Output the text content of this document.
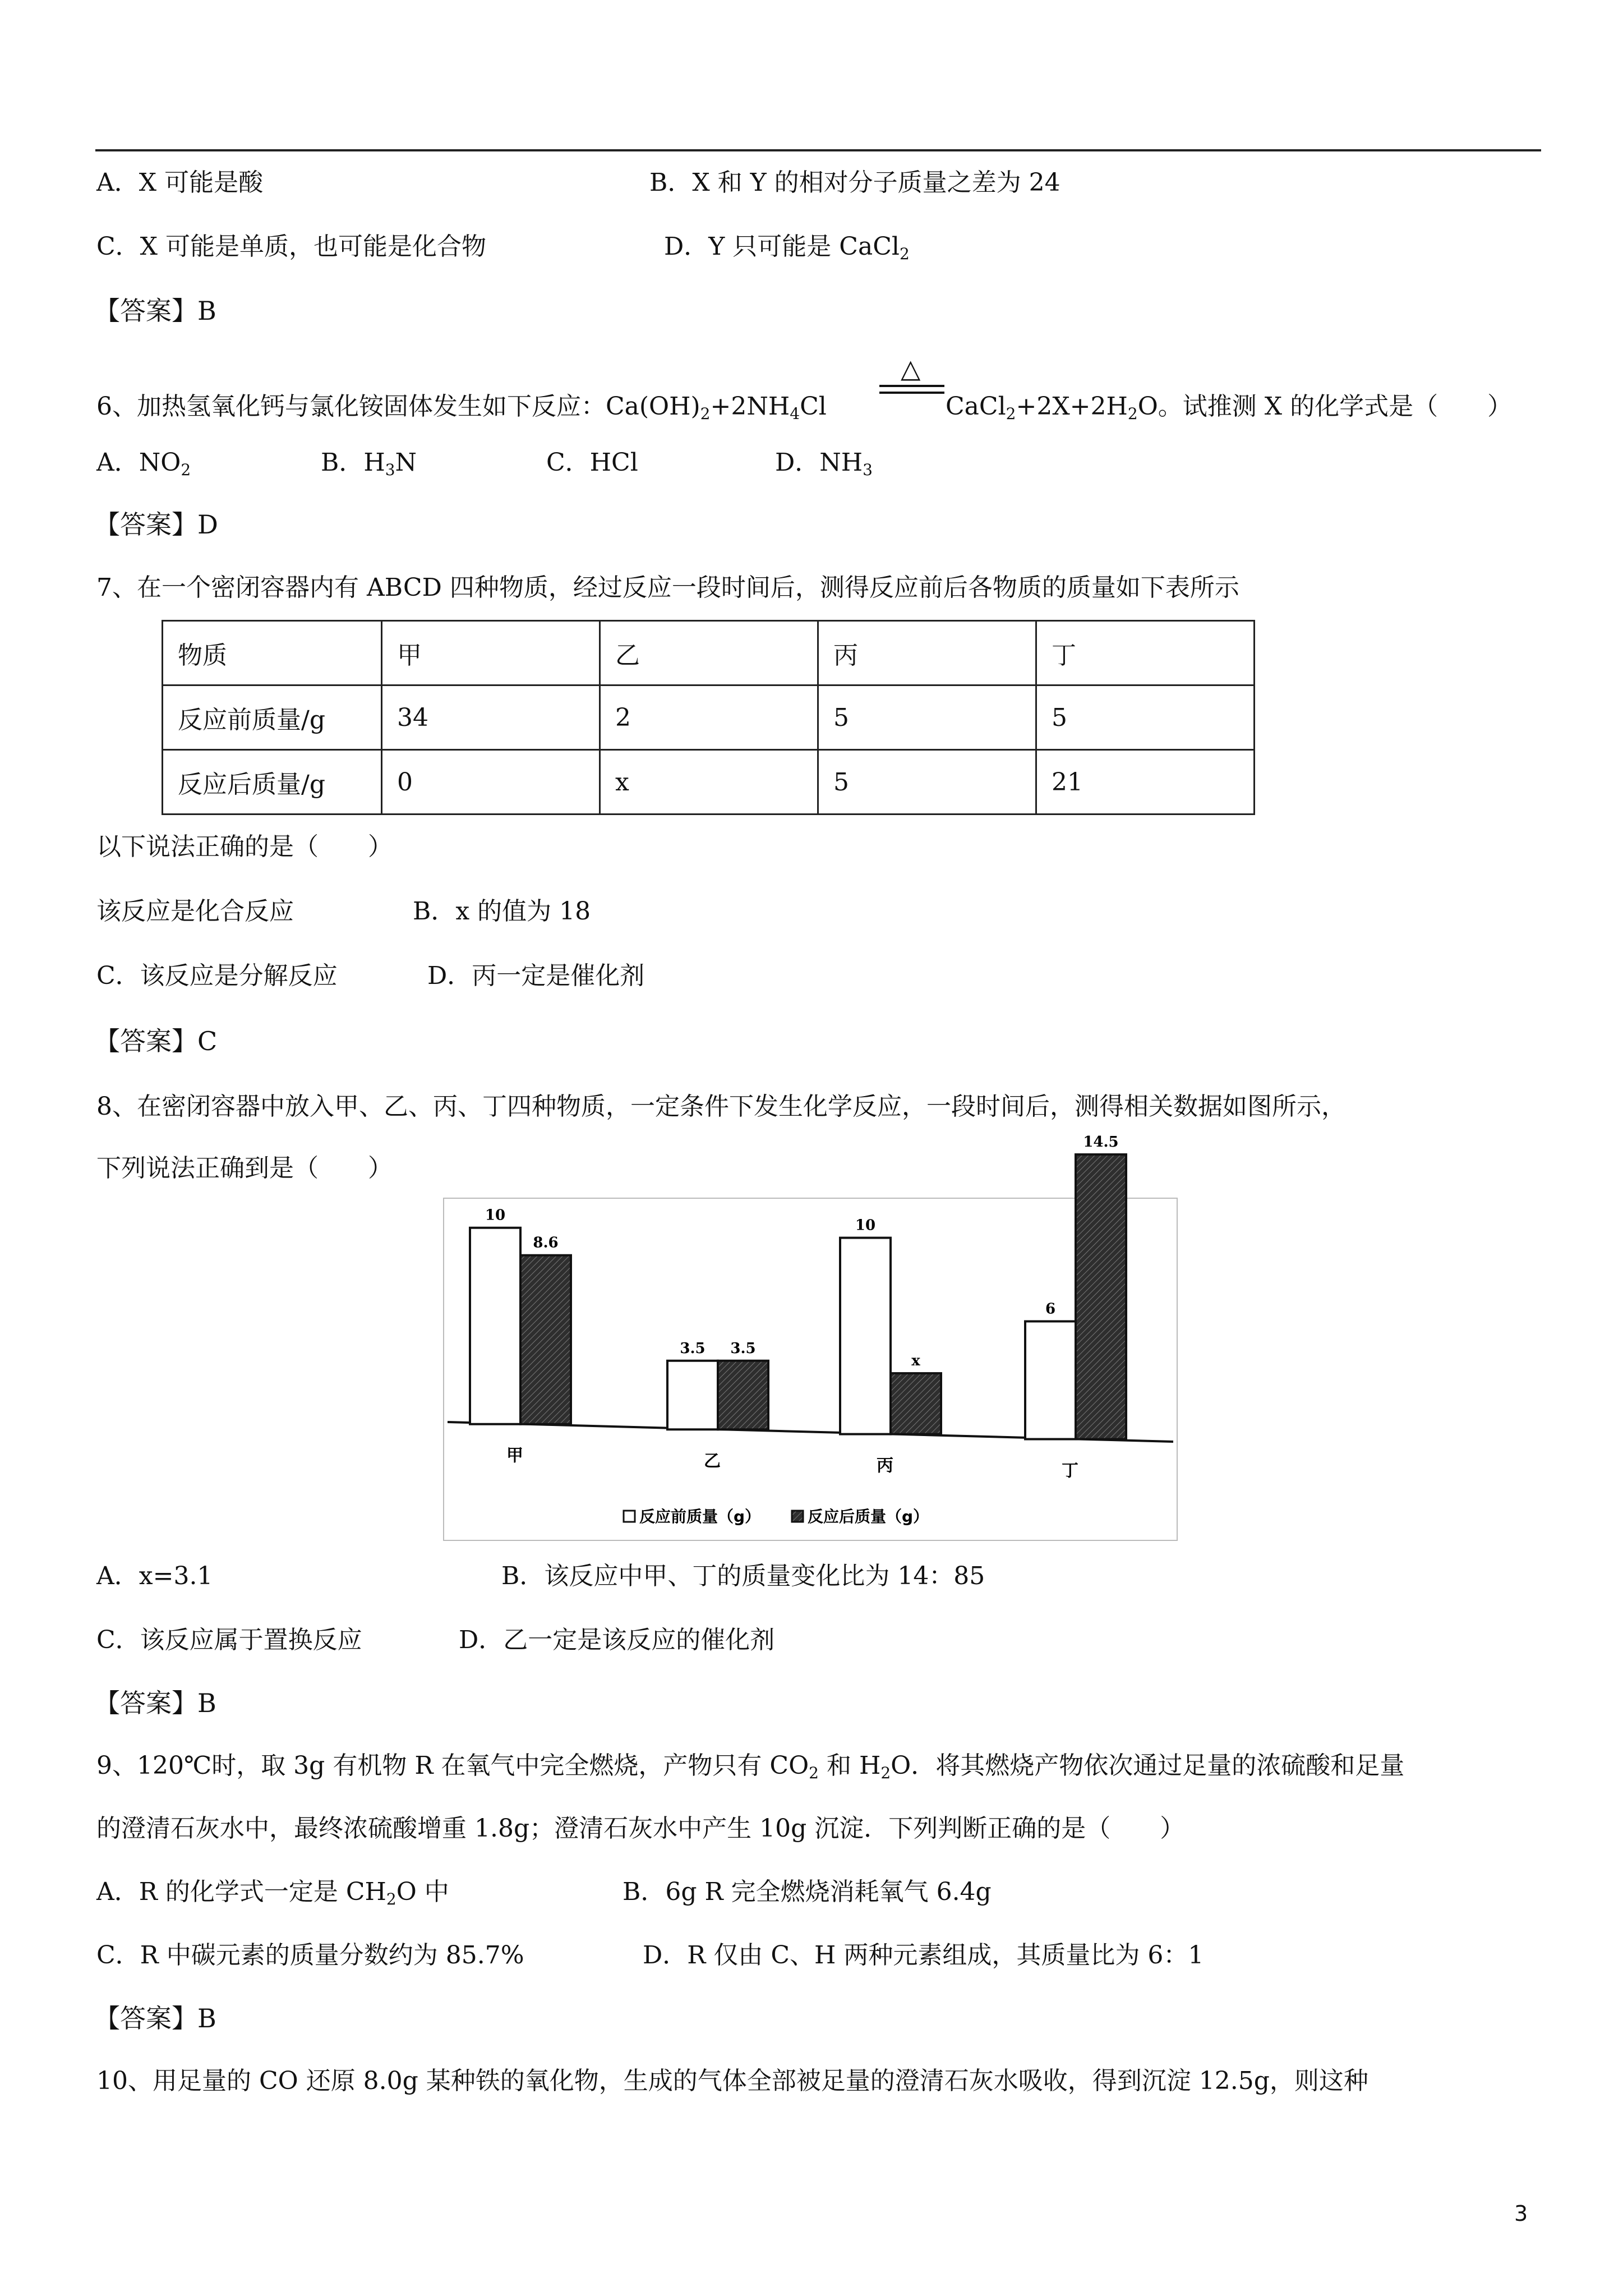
A．X 可能是酸	B．X 和 Y 的相对分子质量之差为 24
C．X 可能是单质，也可能是化合物	D．Y 只可能是 CaCl$_2$
【答案】B
△
6、加热氢氧化钙与氯化铵固体发生如下反应：$Ca(OH)_2+2NH_4Cl$	$CaCl_2+2X+2H_2O$。试推测 X 的化学式是（　　）
A．$NO_2$	B．$H_3N$	C．HCl	D．$NH_3$
【答案】D
7、在一个密闭容器内有 ABCD 四种物质，经过反应一段时间后，测得反应前后各物质的质量如下表所示
物质	甲	乙	丙	丁
反应前质量/g	34	2	5	5
反应后质量/g	0	x	5	21
以下说法正确的是（　　）
该反应是化合反应	B．x 的值为 18
C．该反应是分解反应	D．丙一定是催化剂
【答案】C
8、在密闭容器中放入甲、乙、丙、丁四种物质，一定条件下发生化学反应，一段时间后，测得相关数据如图所示，
下列说法正确到是（　　）
10
8.6
甲
3.5 3.5
乙
10
x
丙
6
14.5
丁
反应前质量（g）	反应后质量（g）
A．x=3.1	B．该反应中甲、丁的质量变化比为 14：85
C．该反应属于置换反应	D．乙一定是该反应的催化剂
【答案】B
9、120℃时，取 3g 有机物 R 在氧气中完全燃烧，产物只有 $CO_2$ 和 $H_2O$．将其燃烧产物依次通过足量的浓硫酸和足量
的澄清石灰水中，最终浓硫酸增重 1.8g；澄清石灰水中产生 10g 沉淀．下列判断正确的是（　　）
A．R 的化学式一定是 $CH_2O$ 中	B．6g R 完全燃烧消耗氧气 6.4g
C．R 中碳元素的质量分数约为 85.7%	D．R 仅由 C、H 两种元素组成，其质量比为 6：1
【答案】B
10、用足量的 CO 还原 8.0g 某种铁的氧化物，生成的气体全部被足量的澄清石灰水吸收，得到沉淀 12.5g，则这种
3
